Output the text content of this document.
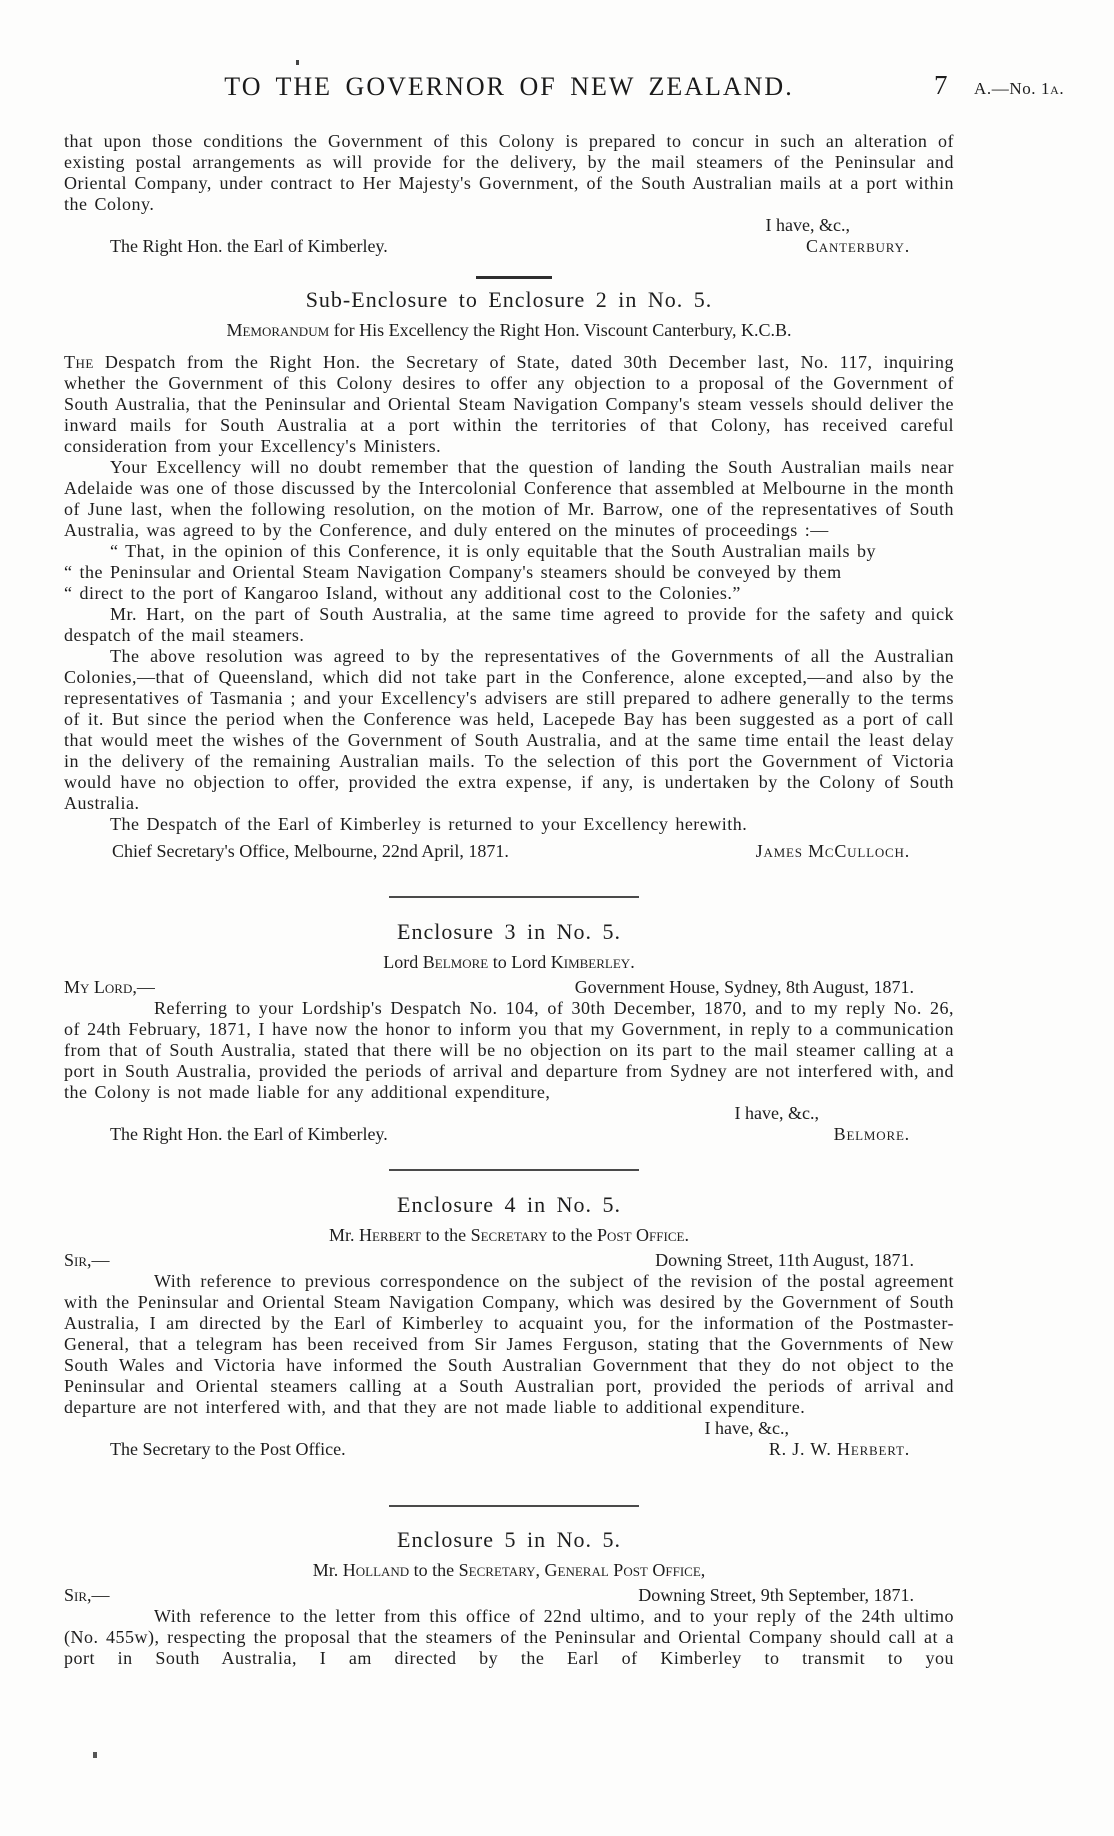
TO THE GOVERNOR OF NEW ZEALAND.	7 A.—No. 1a.

that upon those conditions the Government of this Colony is prepared to concur in such an alteration of existing postal arrangements as will provide for the delivery, by the mail steamers of the Peninsular and Oriental Company, under contract to Her Majesty's Government, of the South Australian mails at a port within the Colony.

I have, &c.,
The Right Hon. the Earl of Kimberley.	Canterbury.
Sub-Enclosure to Enclosure 2 in No. 5.
Memorandum for His Excellency the Right Hon. Viscount Canterbury, K.C.B.

The Despatch from the Right Hon. the Secretary of State, dated 30th December last, No. 117, inquiring whether the Government of this Colony desires to offer any objection to a proposal of the Government of South Australia, that the Peninsular and Oriental Steam Navigation Company's steam vessels should deliver the inward mails for South Australia at a port within the territories of that Colony, has received careful consideration from your Excellency's Ministers.

Your Excellency will no doubt remember that the question of landing the South Australian mails near Adelaide was one of those discussed by the Intercolonial Conference that assembled at Melbourne in the month of June last, when the following resolution, on the motion of Mr. Barrow, one of the representatives of South Australia, was agreed to by the Conference, and duly entered on the minutes of proceedings :—

“ That, in the opinion of this Conference, it is only equitable that the South Australian mails by
“ the Peninsular and Oriental Steam Navigation Company's steamers should be conveyed by them
“ direct to the port of Kangaroo Island, without any additional cost to the Colonies.”

Mr. Hart, on the part of South Australia, at the same time agreed to provide for the safety and quick despatch of the mail steamers.

The above resolution was agreed to by the representatives of the Governments of all the Australian Colonies,—that of Queensland, which did not take part in the Conference, alone excepted,—and also by the representatives of Tasmania ; and your Excellency's advisers are still prepared to adhere generally to the terms of it. But since the period when the Conference was held, Lacepede Bay has been suggested as a port of call that would meet the wishes of the Government of South Australia, and at the same time entail the least delay in the delivery of the remaining Australian mails. To the selection of this port the Government of Victoria would have no objection to offer, provided the extra expense, if any, is undertaken by the Colony of South Australia.

The Despatch of the Earl of Kimberley is returned to your Excellency herewith.

Chief Secretary's Office, Melbourne, 22nd April, 1871.	James McCulloch.
Enclosure 3 in No. 5.
Lord Belmore to Lord Kimberley.
My Lord,—	Government House, Sydney, 8th August, 1871.

Referring to your Lordship's Despatch No. 104, of 30th December, 1870, and to my reply No. 26, of 24th February, 1871, I have now the honor to inform you that my Government, in reply to a communication from that of South Australia, stated that there will be no objection on its part to the mail steamer calling at a port in South Australia, provided the periods of arrival and departure from Sydney are not interfered with, and the Colony is not made liable for any additional expenditure,

I have, &c.,
The Right Hon. the Earl of Kimberley.	Belmore.
Enclosure 4 in No. 5.
Mr. Herbert to the Secretary to the Post Office.
Sir,—	Downing Street, 11th August, 1871.

With reference to previous correspondence on the subject of the revision of the postal agreement with the Peninsular and Oriental Steam Navigation Company, which was desired by the Government of South Australia, I am directed by the Earl of Kimberley to acquaint you, for the information of the Postmaster-General, that a telegram has been received from Sir James Ferguson, stating that the Governments of New South Wales and Victoria have informed the South Australian Government that they do not object to the Peninsular and Oriental steamers calling at a South Australian port, provided the periods of arrival and departure are not interfered with, and that they are not made liable to additional expenditure.

I have, &c.,
The Secretary to the Post Office.	R. J. W. Herbert.
Enclosure 5 in No. 5.
Mr. Holland to the Secretary, General Post Office,
Sir,—	Downing Street, 9th September, 1871.

With reference to the letter from this office of 22nd ultimo, and to your reply of the 24th ultimo (No. 455w), respecting the proposal that the steamers of the Peninsular and Oriental Company should call at a port in South Australia, I am directed by the Earl of Kimberley to transmit to you
